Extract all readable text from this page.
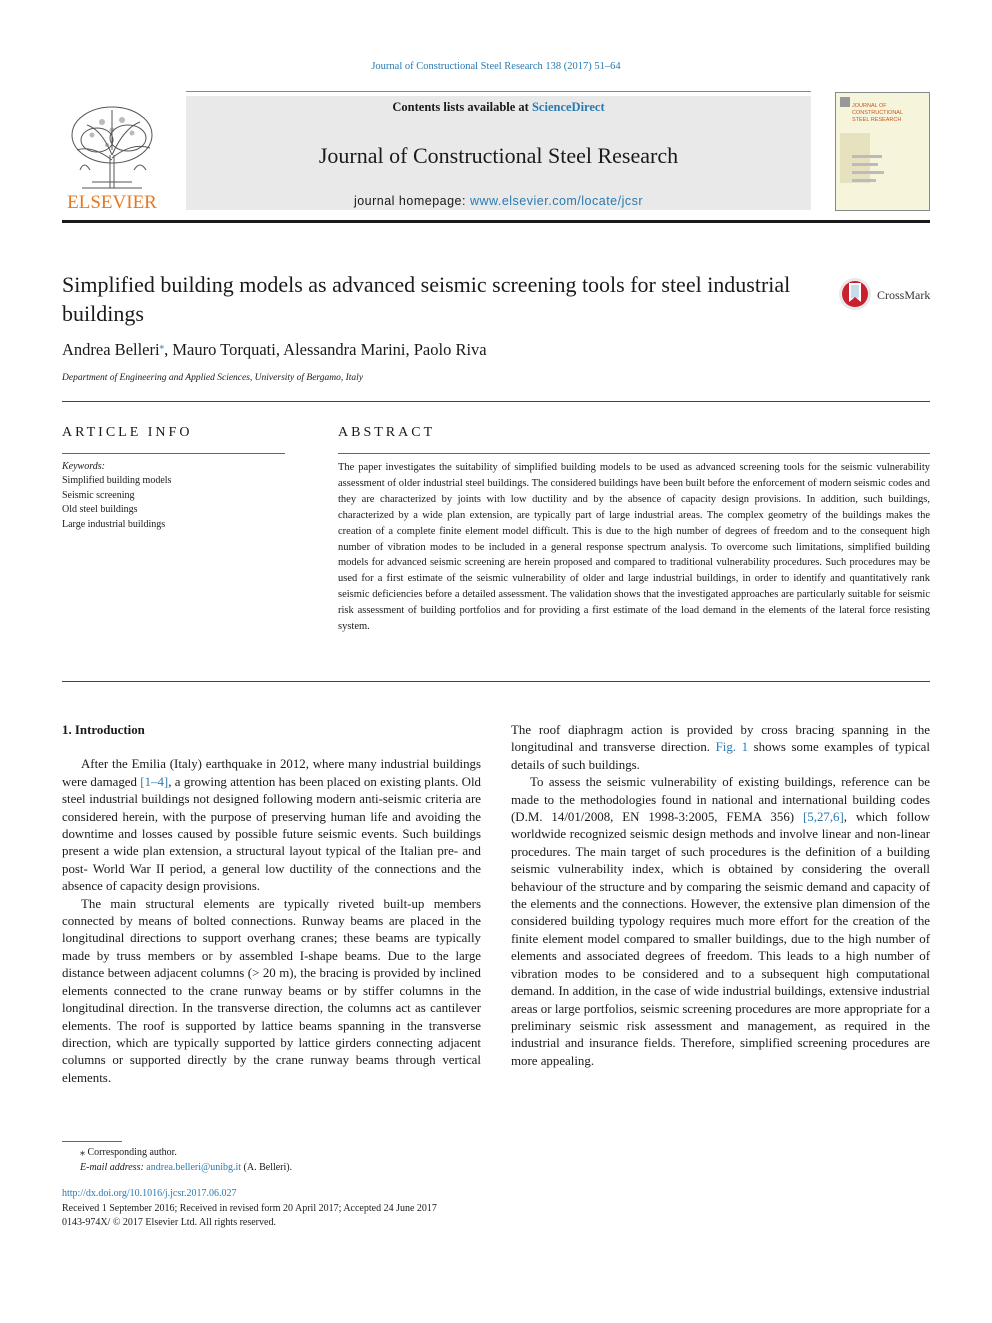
Journal of Constructional Steel Research 138 (2017) 51–64
ELSEVIER
Contents lists available at ScienceDirect
Journal of Constructional Steel Research
journal homepage: www.elsevier.com/locate/jcsr
JOURNAL OF
CONSTRUCTIONAL
STEEL RESEARCH
Simplified building models as advanced seismic screening tools for steel industrial buildings
CrossMark
Andrea Belleri⁎, Mauro Torquati, Alessandra Marini, Paolo Riva
Department of Engineering and Applied Sciences, University of Bergamo, Italy
ARTICLE INFO	ABSTRACT
Keywords:
Simplified building models
Seismic screening
Old steel buildings
Large industrial buildings
The paper investigates the suitability of simplified building models to be used as advanced screening tools for the seismic vulnerability assessment of older industrial steel buildings. The considered buildings have been built before the enforcement of modern seismic codes and they are characterized by joints with low ductility and by the absence of capacity design provisions. In addition, such buildings, characterized by a wide plan extension, are typically part of large industrial areas. The complex geometry of the buildings makes the creation of a complete finite element model difficult. This is due to the high number of degrees of freedom and to the consequent high number of vibration modes to be included in a general response spectrum analysis. To overcome such limitations, simplified building models for advanced seismic screening are herein proposed and compared to traditional vulnerability procedures. Such procedures may be used for a first estimate of the seismic vulnerability of older and large industrial buildings, in order to identify and quantitatively rank seismic deficiencies before a detailed assessment. The validation shows that the investigated approaches are particularly suitable for seismic risk assessment of building portfolios and for providing a first estimate of the load demand in the elements of the lateral force resisting system.
1. Introduction

After the Emilia (Italy) earthquake in 2012, where many industrial buildings were damaged [1–4], a growing attention has been placed on existing plants. Old steel industrial buildings not designed following modern anti-seismic criteria are considered herein, with the purpose of preserving human life and avoiding the downtime and losses caused by possible future seismic events. Such buildings present a wide plan extension, a structural layout typical of the Italian pre- and post- World War II period, a general low ductility of the connections and the absence of capacity design provisions.

The main structural elements are typically riveted built-up members connected by means of bolted connections. Runway beams are placed in the longitudinal directions to support overhang cranes; these beams are typically made by truss members or by assembled I-shape beams. Due to the large distance between adjacent columns (> 20 m), the bracing is provided by inclined elements connected to the crane runway beams or by stiffer columns in the longitudinal direction. In the transverse direction, the columns act as cantilever elements. The roof is supported by lattice beams spanning in the transverse direction, which are typically supported by lattice girders connecting adjacent columns or supported directly by the crane runway beams through vertical elements.

The roof diaphragm action is provided by cross bracing spanning in the longitudinal and transverse direction. Fig. 1 shows some examples of typical details of such buildings.

To assess the seismic vulnerability of existing buildings, reference can be made to the methodologies found in national and international building codes (D.M. 14/01/2008, EN 1998-3:2005, FEMA 356) [5,27,6], which follow worldwide recognized seismic design methods and involve linear and non-linear procedures. The main target of such procedures is the definition of a building seismic vulnerability index, which is obtained by considering the overall behaviour of the structure and by comparing the seismic demand and capacity of the elements and the connections. However, the extensive plan dimension of the considered building typology requires much more effort for the creation of the finite element model compared to smaller buildings, due to the high number of elements and associated degrees of freedom. This leads to a high number of vibration modes to be considered and to a subsequent high computational demand. In addition, in the case of wide industrial buildings, extensive industrial areas or large portfolios, seismic screening procedures are more appropriate for a preliminary seismic risk assessment and management, as required in the industrial and insurance fields. Therefore, simplified screening procedures are more appealing.

⁎ Corresponding author.
E-mail address: andrea.belleri@unibg.it (A. Belleri).
http://dx.doi.org/10.1016/j.jcsr.2017.06.027
Received 1 September 2016; Received in revised form 20 April 2017; Accepted 24 June 2017
0143-974X/ © 2017 Elsevier Ltd. All rights reserved.
